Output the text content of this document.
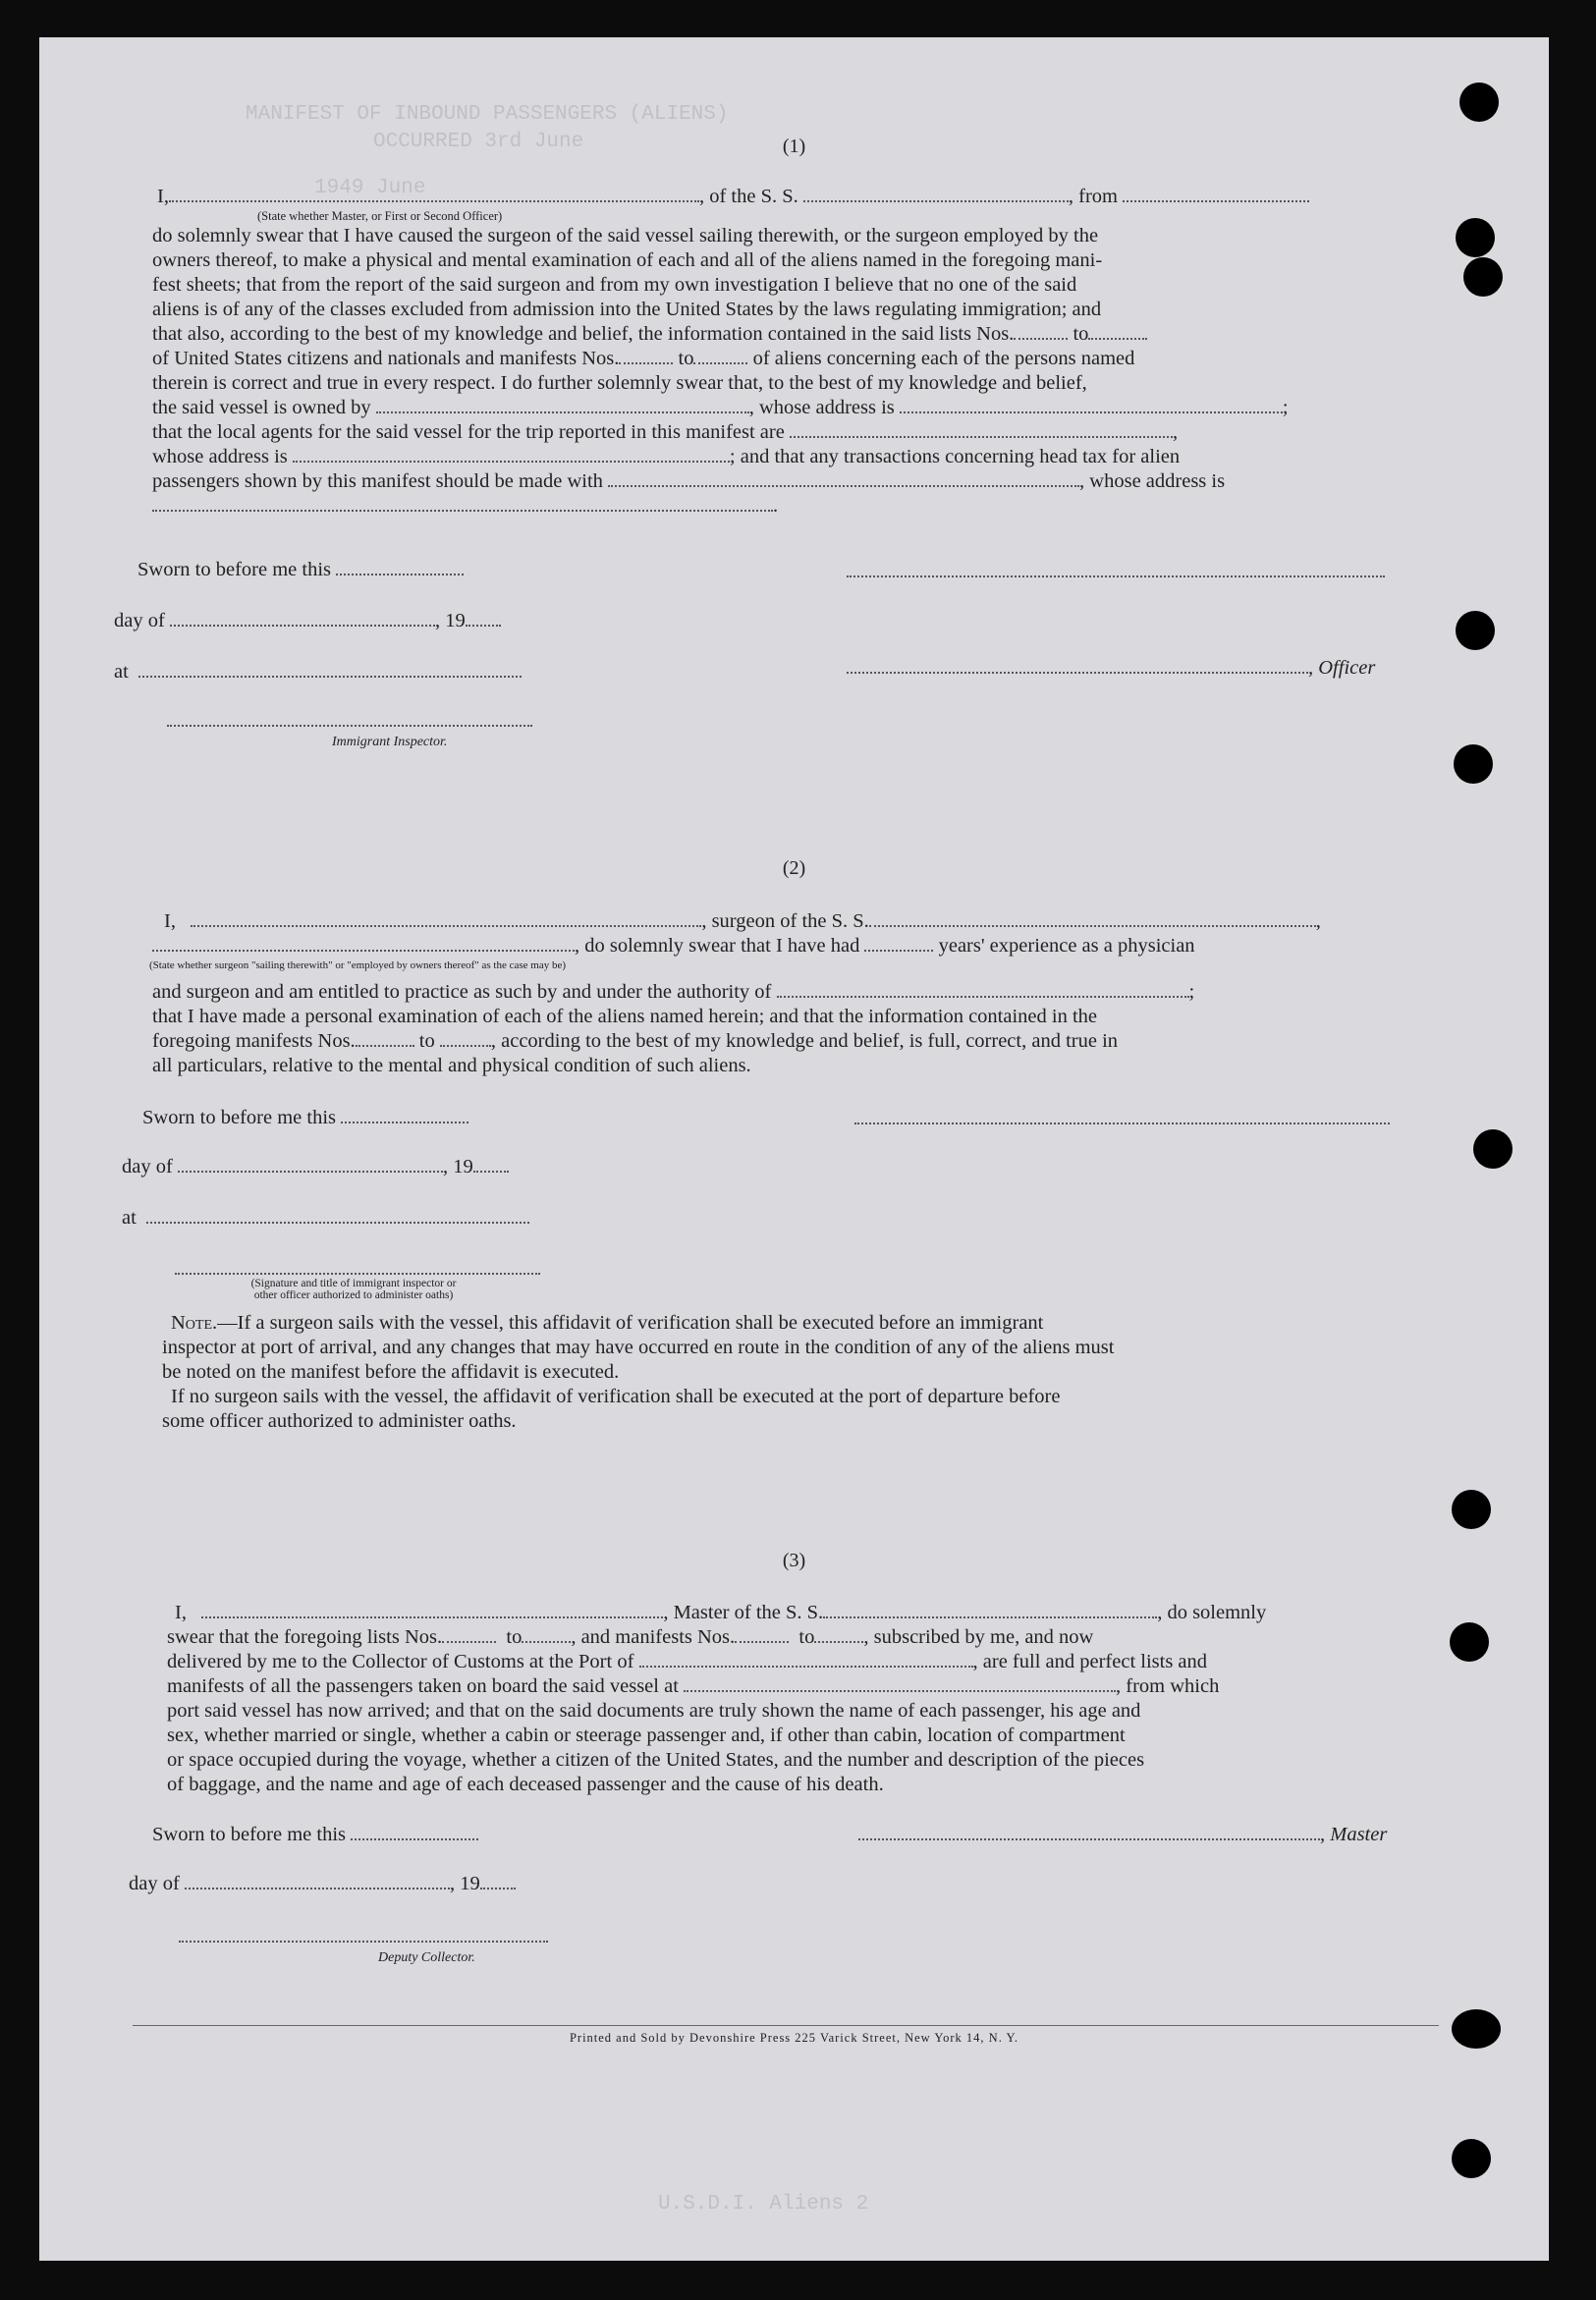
MANIFEST OF INBOUND PASSENGERS (ALIENS)
OCCURRED 3rd June
1949 June
U.S.D.I. Aliens 2
(1)
I,	, of the S. S.	, from
(State whether Master, or First or Second Officer)
do solemnly swear that I have caused the surgeon of the said vessel sailing therewith, or the surgeon employed by the
owners thereof, to make a physical and mental examination of each and all of the aliens named in the foregoing mani-
fest sheets; that from the report of the said surgeon and from my own investigation I believe that no one of the said
aliens is of any of the classes excluded from admission into the United States by the laws regulating immigration; and
that also, according to the best of my knowledge and belief, the information contained in the said lists Nos.	to
of United States citizens and nationals and manifests Nos.	to	of aliens concerning each of the persons named
therein is correct and true in every respect. I do further solemnly swear that, to the best of my knowledge and belief,
the said vessel is owned by	, whose address is	;
that the local agents for the said vessel for the trip reported in this manifest are	,
whose address is	; and that any transactions concerning head tax for alien
passengers shown by this manifest should be made with	, whose address is
.
Sworn to before me this
day of	, 19
at	, Officer
Immigrant Inspector.
(2)
I,	, surgeon of the S. S.	,
, do solemnly swear that I have had	years' experience as a physician
(State whether surgeon "sailing therewith" or "employed by owners thereof" as the case may be)
and surgeon and am entitled to practice as such by and under the authority of	;
that I have made a personal examination of each of the aliens named herein; and that the information contained in the
foregoing manifests Nos.	to	, according to the best of my knowledge and belief, is full, correct, and true in
all particulars, relative to the mental and physical condition of such aliens.
Sworn to before me this
day of	, 19
at
(Signature and title of immigrant inspector or
other officer authorized to administer oaths)
Note.—If a surgeon sails with the vessel, this affidavit of verification shall be executed before an immigrant
inspector at port of arrival, and any changes that may have occurred en route in the condition of any of the aliens must
be noted on the manifest before the affidavit is executed.
If no surgeon sails with the vessel, the affidavit of verification shall be executed at the port of departure before
some officer authorized to administer oaths.
(3)
I,	, Master of the S. S.	, do solemnly
swear that the foregoing lists Nos.	to , and manifests Nos.	to , subscribed by me, and now
delivered by me to the Collector of Customs at the Port of	, are full and perfect lists and
manifests of all the passengers taken on board the said vessel at	, from which
port said vessel has now arrived; and that on the said documents are truly shown the name of each passenger, his age and
sex, whether married or single, whether a cabin or steerage passenger and, if other than cabin, location of compartment
or space occupied during the voyage, whether a citizen of the United States, and the number and description of the pieces
of baggage, and the name and age of each deceased passenger and the cause of his death.
Sworn to before me this	, Master
day of	, 19
Deputy Collector.
Printed and Sold by Devonshire Press 225 Varick Street, New York 14, N. Y.
